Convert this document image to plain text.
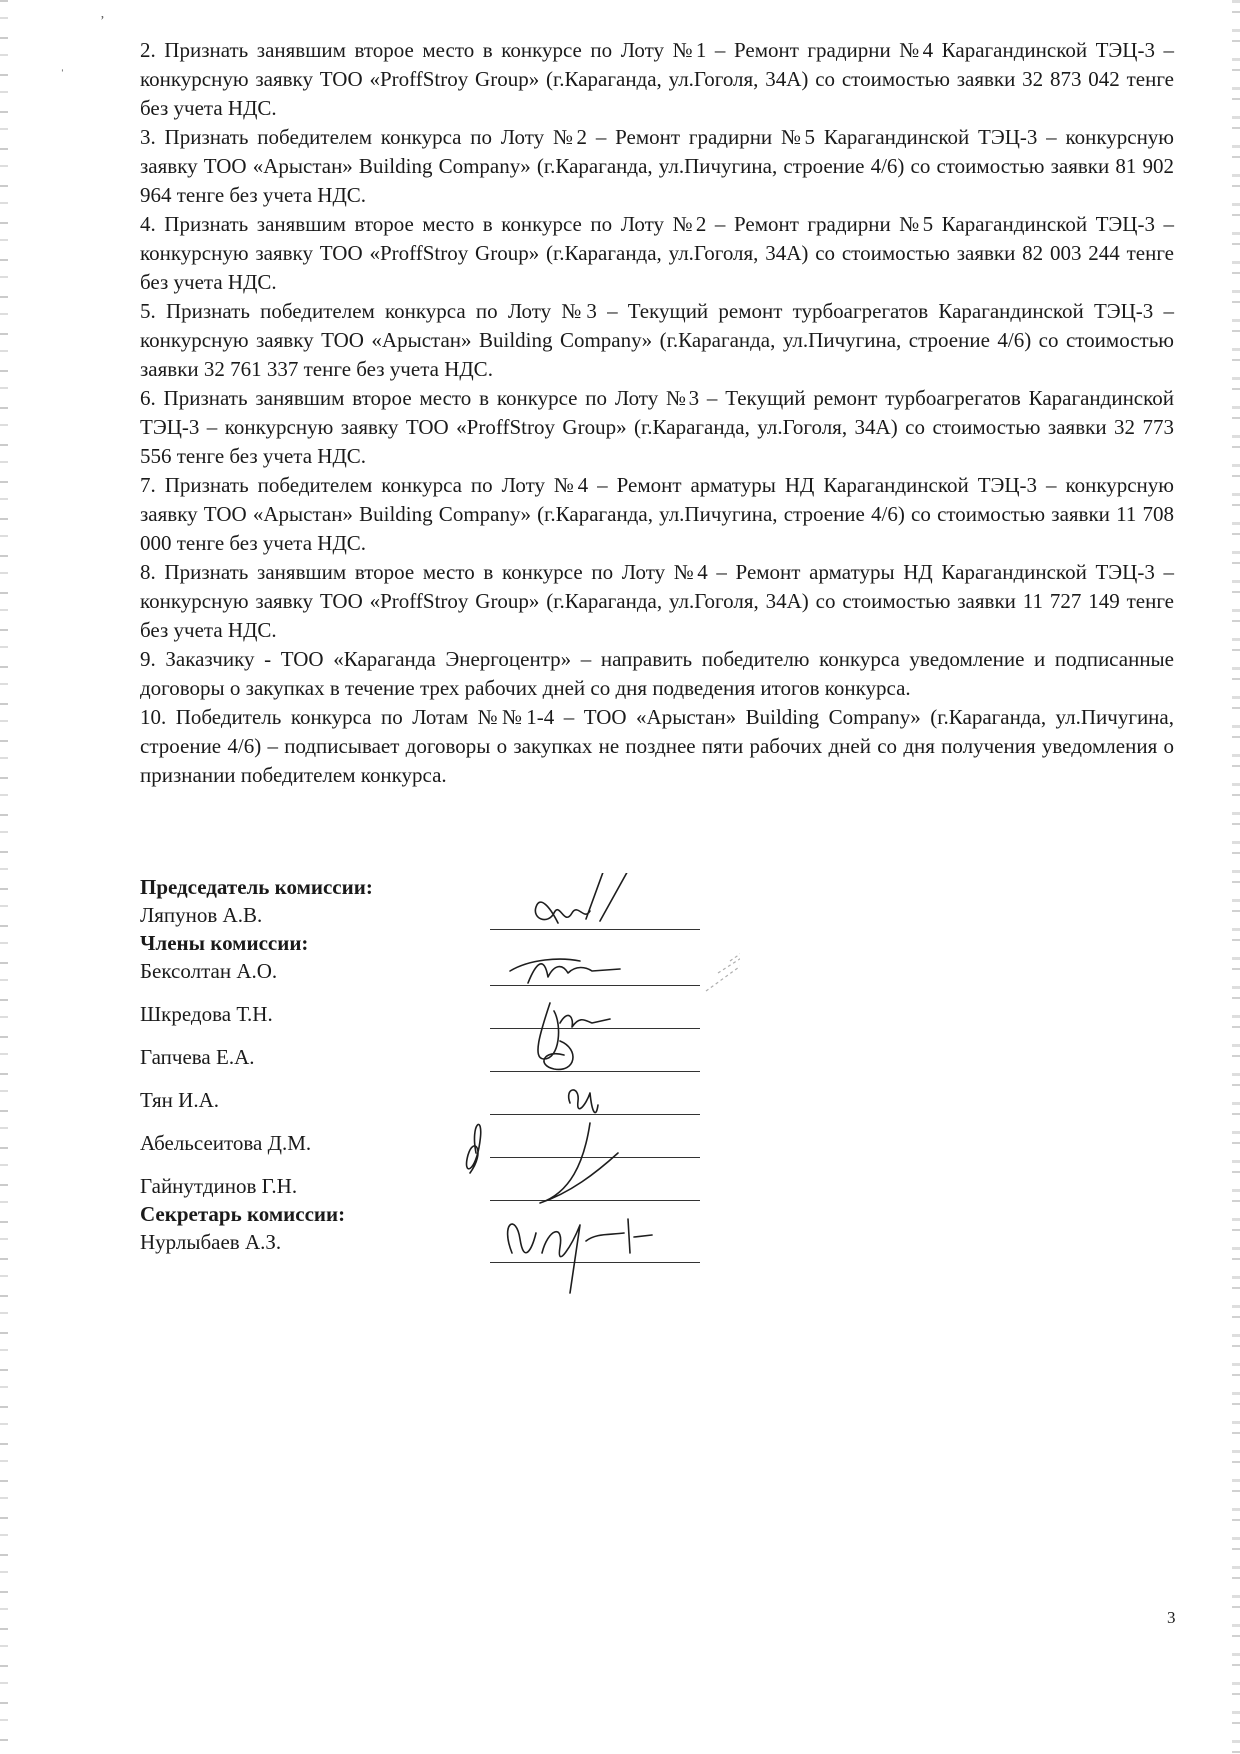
ʼ
ˈ

2. Признать занявшим второе место в конкурсе по Лоту №1 – Ремонт градирни №4 Карагандинской ТЭЦ-3 – конкурсную заявку ТОО «ProffStroy Group» (г.Караганда, ул.Гоголя, 34А) со стоимостью заявки 32 873 042 тенге без учета НДС.

3. Признать победителем конкурса по Лоту №2 – Ремонт градирни №5 Карагандинской ТЭЦ-3 – конкурсную заявку ТОО «Арыстан» Building Company» (г.Караганда, ул.Пичугина, строение 4/6) со стоимостью заявки 81 902 964 тенге без учета НДС.

4. Признать занявшим второе место в конкурсе по Лоту №2 – Ремонт градирни №5 Карагандинской ТЭЦ-3 – конкурсную заявку ТОО «ProffStroy Group» (г.Караганда, ул.Гоголя, 34А) со стоимостью заявки 82 003 244 тенге без учета НДС.

5. Признать победителем конкурса по Лоту №3 – Текущий ремонт турбоагрегатов Карагандинской ТЭЦ-3 – конкурсную заявку ТОО «Арыстан» Building Company» (г.Караганда, ул.Пичугина, строение 4/6) со стоимостью заявки 32 761 337 тенге без учета НДС.

6. Признать занявшим второе место в конкурсе по Лоту №3 – Текущий ремонт турбоагрегатов Карагандинской ТЭЦ-3 – конкурсную заявку ТОО «ProffStroy Group» (г.Караганда, ул.Гоголя, 34А) со стоимостью заявки 32 773 556 тенге без учета НДС.

7. Признать победителем конкурса по Лоту №4 – Ремонт арматуры НД Карагандинской ТЭЦ-3 – конкурсную заявку ТОО «Арыстан» Building Company» (г.Караганда, ул.Пичугина, строение 4/6) со стоимостью заявки 11 708 000 тенге без учета НДС.

8. Признать занявшим второе место в конкурсе по Лоту №4 – Ремонт арматуры НД Карагандинской ТЭЦ-3 – конкурсную заявку ТОО «ProffStroy Group» (г.Караганда, ул.Гоголя, 34А) со стоимостью заявки 11 727 149 тенге без учета НДС.

9. Заказчику - ТОО «Караганда Энергоцентр» – направить победителю конкурса уведомление и подписанные договоры о закупках в течение трех рабочих дней со дня подведения итогов конкурса.

10. Победитель конкурса по Лотам №№1-4 – ТОО «Арыстан» Building Company» (г.Караганда, ул.Пичугина, строение 4/6) – подписывает договоры о закупках не позднее пяти рабочих дней со дня получения уведомления о признании победителем конкурса.

Председатель комиссии:
Ляпунов А.В.
Члены комиссии:
Бексолтан А.О.
Шкредова Т.Н.
Гапчева Е.А.
Тян И.А.
Абельсеитова Д.М.
Гайнутдинов Г.Н.
Секретарь комиссии:
Нурлыбаев А.З.
3
